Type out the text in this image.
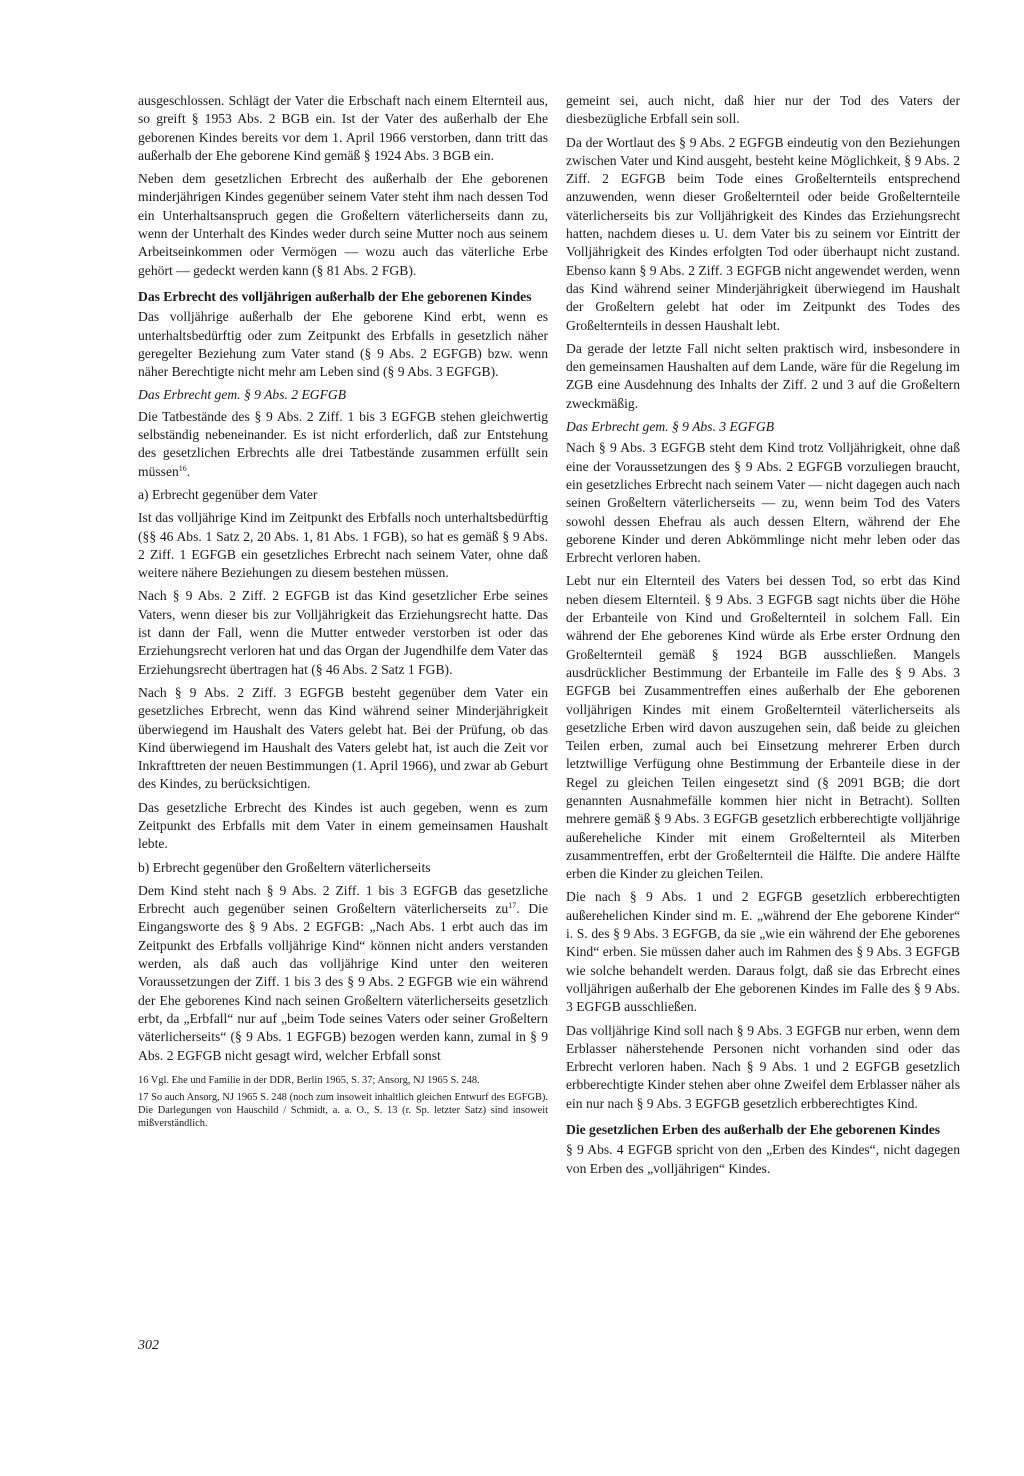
ausgeschlossen. Schlägt der Vater die Erbschaft nach einem Elternteil aus, so greift § 1953 Abs. 2 BGB ein. Ist der Vater des außerhalb der Ehe geborenen Kindes bereits vor dem 1. April 1966 verstorben, dann tritt das außerhalb der Ehe geborene Kind gemäß § 1924 Abs. 3 BGB ein.

Neben dem gesetzlichen Erbrecht des außerhalb der Ehe geborenen minderjährigen Kindes gegenüber seinem Vater steht ihm nach dessen Tod ein Unterhaltsanspruch gegen die Großeltern väterlicherseits dann zu, wenn der Unterhalt des Kindes weder durch seine Mutter noch aus seinem Arbeitseinkommen oder Vermögen — wozu auch das väterliche Erbe gehört — gedeckt werden kann (§ 81 Abs. 2 FGB).

Das Erbrecht des volljährigen außerhalb der Ehe geborenen Kindes

Das volljährige außerhalb der Ehe geborene Kind erbt, wenn es unterhaltsbedürftig oder zum Zeitpunkt des Erbfalls in gesetzlich näher geregelter Beziehung zum Vater stand (§ 9 Abs. 2 EGFGB) bzw. wenn näher Berechtigte nicht mehr am Leben sind (§ 9 Abs. 3 EGFGB).

Das Erbrecht gem. § 9 Abs. 2 EGFGB

Die Tatbestände des § 9 Abs. 2 Ziff. 1 bis 3 EGFGB stehen gleichwertig selbständig nebeneinander. Es ist nicht erforderlich, daß zur Entstehung des gesetzlichen Erbrechts alle drei Tatbestände zusammen erfüllt sein müssen$^{16}$.

a) Erbrecht gegenüber dem Vater

Ist das volljährige Kind im Zeitpunkt des Erbfalls noch unterhaltsbedürftig (§§ 46 Abs. 1 Satz 2, 20 Abs. 1, 81 Abs. 1 FGB), so hat es gemäß § 9 Abs. 2 Ziff. 1 EGFGB ein gesetzliches Erbrecht nach seinem Vater, ohne daß weitere nähere Beziehungen zu diesem bestehen müssen.

Nach § 9 Abs. 2 Ziff. 2 EGFGB ist das Kind gesetzlicher Erbe seines Vaters, wenn dieser bis zur Volljährigkeit das Erziehungsrecht hatte. Das ist dann der Fall, wenn die Mutter entweder verstorben ist oder das Erziehungsrecht verloren hat und das Organ der Jugendhilfe dem Vater das Erziehungsrecht übertragen hat (§ 46 Abs. 2 Satz 1 FGB).

Nach § 9 Abs. 2 Ziff. 3 EGFGB besteht gegenüber dem Vater ein gesetzliches Erbrecht, wenn das Kind während seiner Minderjährigkeit überwiegend im Haushalt des Vaters gelebt hat. Bei der Prüfung, ob das Kind überwiegend im Haushalt des Vaters gelebt hat, ist auch die Zeit vor Inkrafttreten der neuen Bestimmungen (1. April 1966), und zwar ab Geburt des Kindes, zu berücksichtigen.

Das gesetzliche Erbrecht des Kindes ist auch gegeben, wenn es zum Zeitpunkt des Erbfalls mit dem Vater in einem gemeinsamen Haushalt lebte.

b) Erbrecht gegenüber den Großeltern väterlicherseits

Dem Kind steht nach § 9 Abs. 2 Ziff. 1 bis 3 EGFGB das gesetzliche Erbrecht auch gegenüber seinen Großeltern väterlicherseits $zu^{17}$. Die Eingangsworte des § 9 Abs. 2 EGFGB: „Nach Abs. 1 erbt auch das im Zeitpunkt des Erbfalls volljährige Kind“ können nicht anders verstanden werden, als daß auch das volljährige Kind unter den weiteren Voraussetzungen der Ziff. 1 bis 3 des § 9 Abs. 2 EGFGB wie ein während der Ehe geborenes Kind nach seinen Großeltern väterlicherseits gesetzlich erbt, da „Erbfall“ nur auf „beim Tode seines Vaters oder seiner Großeltern väterlicherseits“ (§ 9 Abs. 1 EGFGB) bezogen werden kann, zumal in § 9 Abs. 2 EGFGB nicht gesagt wird, welcher Erbfall sonst

16 Vgl. Ehe und Familie in der DDR, Berlin 1965, S. 37; Ansorg, NJ 1965 S. 248.

17 So auch Ansorg, NJ 1965 S. 248 (noch zum insoweit inhaltlich gleichen Entwurf des EGFGB). Die Darlegungen von Hauschild / Schmidt, a. a. O., S. 13 (r. Sp. letzter Satz) sind insoweit mißverständlich.

gemeint sei, auch nicht, daß hier nur der Tod des Vaters der diesbezügliche Erbfall sein soll.

Da der Wortlaut des § 9 Abs. 2 EGFGB eindeutig von den Beziehungen zwischen Vater und Kind ausgeht, besteht keine Möglichkeit, § 9 Abs. 2 Ziff. 2 EGFGB beim Tode eines Großelternteils entsprechend anzuwenden, wenn dieser Großelternteil oder beide Großelternteile väterlicherseits bis zur Volljährigkeit des Kindes das Erziehungsrecht hatten, nachdem dieses u. U. dem Vater bis zu seinem vor Eintritt der Volljährigkeit des Kindes erfolgten Tod oder überhaupt nicht zustand. Ebenso kann § 9 Abs. 2 Ziff. 3 EGFGB nicht angewendet werden, wenn das Kind während seiner Minderjährigkeit überwiegend im Haushalt der Großeltern gelebt hat oder im Zeitpunkt des Todes des Großelternteils in dessen Haushalt lebt.

Da gerade der letzte Fall nicht selten praktisch wird, insbesondere in den gemeinsamen Haushalten auf dem Lande, wäre für die Regelung im ZGB eine Ausdehnung des Inhalts der Ziff. 2 und 3 auf die Großeltern zweckmäßig.

Das Erbrecht gem. § 9 Abs. 3 EGFGB

Nach § 9 Abs. 3 EGFGB steht dem Kind trotz Volljährigkeit, ohne daß eine der Voraussetzungen des § 9 Abs. 2 EGFGB vorzuliegen braucht, ein gesetzliches Erbrecht nach seinem Vater — nicht dagegen auch nach seinen Großeltern väterlicherseits — zu, wenn beim Tod des Vaters sowohl dessen Ehefrau als auch dessen Eltern, während der Ehe geborene Kinder und deren Abkömmlinge nicht mehr leben oder das Erbrecht verloren haben.

Lebt nur ein Elternteil des Vaters bei dessen Tod, so erbt das Kind neben diesem Elternteil. § 9 Abs. 3 EGFGB sagt nichts über die Höhe der Erbanteile von Kind und Großelternteil in solchem Fall. Ein während der Ehe geborenes Kind würde als Erbe erster Ordnung den Großelternteil gemäß § 1924 BGB ausschließen. Mangels ausdrücklicher Bestimmung der Erbanteile im Falle des § 9 Abs. 3 EGFGB bei Zusammentreffen eines außerhalb der Ehe geborenen volljährigen Kindes mit einem Großelternteil väterlicherseits als gesetzliche Erben wird davon auszugehen sein, daß beide zu gleichen Teilen erben, zumal auch bei Einsetzung mehrerer Erben durch letztwillige Verfügung ohne Bestimmung der Erbanteile diese in der Regel zu gleichen Teilen eingesetzt sind (§ 2091 BGB; die dort genannten Ausnahmefälle kommen hier nicht in Betracht). Sollten mehrere gemäß § 9 Abs. 3 EGFGB gesetzlich erbberechtigte volljährige außereheliche Kinder mit einem Großelternteil als Miterben zusammentreffen, erbt der Großelternteil die Hälfte. Die andere Hälfte erben die Kinder zu gleichen Teilen.

Die nach § 9 Abs. 1 und 2 EGFGB gesetzlich erbberechtigten außerehelichen Kinder sind m. E. „während der Ehe geborene Kinder“ i. S. des § 9 Abs. 3 EGFGB, da sie „wie ein während der Ehe geborenes Kind“ erben. Sie müssen daher auch im Rahmen des § 9 Abs. 3 EGFGB wie solche behandelt werden. Daraus folgt, daß sie das Erbrecht eines volljährigen außerhalb der Ehe geborenen Kindes im Falle des § 9 Abs. 3 EGFGB ausschließen.

Das volljährige Kind soll nach § 9 Abs. 3 EGFGB nur erben, wenn dem Erblasser näherstehende Personen nicht vorhanden sind oder das Erbrecht verloren haben. Nach § 9 Abs. 1 und 2 EGFGB gesetzlich erbberechtigte Kinder stehen aber ohne Zweifel dem Erblasser näher als ein nur nach § 9 Abs. 3 EGFGB gesetzlich erbberechtigtes Kind.

Die gesetzlichen Erben des außerhalb der Ehe geborenen Kindes

§ 9 Abs. 4 EGFGB spricht von den „Erben des Kindes“, nicht dagegen von Erben des „volljährigen“ Kindes.

302
